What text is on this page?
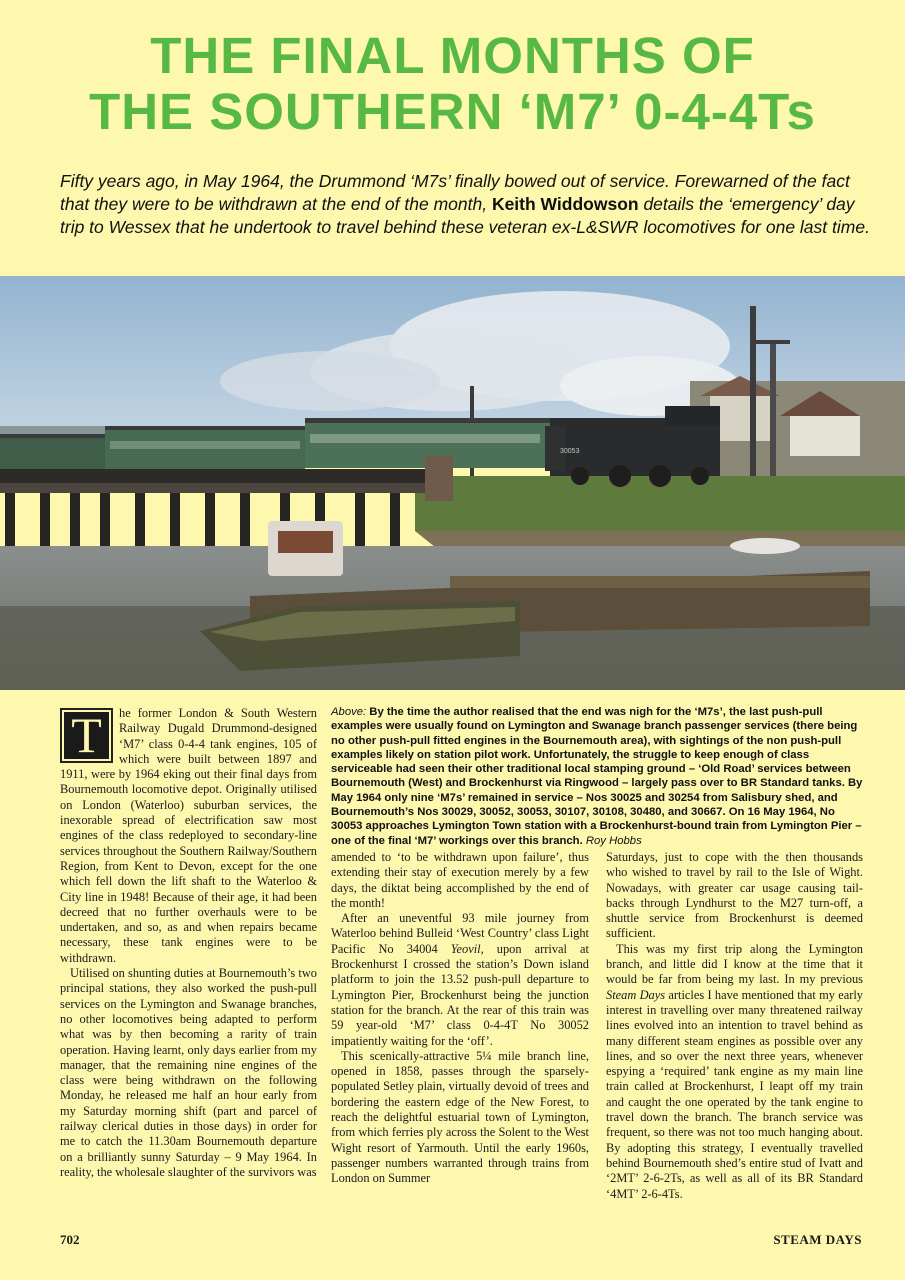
THE FINAL MONTHS OF
THE SOUTHERN ‘M7’ 0-4-4Ts

Fifty years ago, in May 1964, the Drummond ‘M7s’ finally bowed out of service. Forewarned of the fact that they were to be withdrawn at the end of the month, Keith Widdowson details the ‘emergency’ day trip to Wessex that he undertook to travel behind these veteran ex-L&SWR locomotives for one last time.

30053
T	he former London & South Western Railway Dugald Drummond-designed ‘M7’ class 0-4-4 tank engines, 105 of which were built between 1897 and 1911, were by 1964 eking out their final days from Bournemouth locomotive depot. Originally utilised on London (Waterloo) suburban services, the inexorable spread of electrification saw most engines of the class redeployed to secondary-line services throughout the Southern Railway/Southern Region, from Kent to Devon, except for the one which fell down the lift shaft to the Waterloo & City line in 1948! Because of their age, it had been decreed that no further overhauls were to be undertaken, and so, as and when repairs became necessary, these tank engines were to be withdrawn.

Utilised on shunting duties at Bournemouth’s two principal stations, they also worked the push-pull services on the Lymington and Swanage branches, no other locomotives being adapted to perform what was by then becoming a rarity of train operation. Having learnt, only days earlier from my manager, that the remaining nine engines of the class were being withdrawn on the following Monday, he released me half an hour early from my Saturday morning shift (part and parcel of railway clerical duties in those days) in order for me to catch the 11.30am Bournemouth departure on a brilliantly sunny Saturday – 9 May 1964. In reality, the wholesale slaughter of the survivors was

Above: By the time the author realised that the end was nigh for the ‘M7s’, the last push-pull examples were usually found on Lymington and Swanage branch passenger services (there being no other push-pull fitted engines in the Bournemouth area), with sightings of the non push-pull examples likely on station pilot work. Unfortunately, the struggle to keep enough of class serviceable had seen their other traditional local stamping ground – ‘Old Road’ services between Bournemouth (West) and Brockenhurst via Ringwood – largely pass over to BR Standard tanks. By May 1964 only nine ‘M7s’ remained in service – Nos 30025 and 30254 from Salisbury shed, and Bournemouth’s Nos 30029, 30052, 30053, 30107, 30108, 30480, and 30667. On 16 May 1964, No 30053 approaches Lymington Town station with a Brockenhurst-bound train from Lymington Pier – one of the final ‘M7’ workings over this branch. Roy Hobbs

amended to ‘to be withdrawn upon failure’, thus extending their stay of execution merely by a few days, the diktat being accomplished by the end of the month!

After an uneventful 93 mile journey from Waterloo behind Bulleid ‘West Country’ class Light Pacific No 34004 Yeovil, upon arrival at Brockenhurst I crossed the station’s Down island platform to join the 13.52 push-pull departure to Lymington Pier, Brockenhurst being the junction station for the branch. At the rear of this train was 59 year-old ‘M7’ class 0-4-4T No 30052 impatiently waiting for the ‘off’.

This scenically-attractive 5¼ mile branch line, opened in 1858, passes through the sparsely-populated Setley plain, virtually devoid of trees and bordering the eastern edge of the New Forest, to reach the delightful estuarial town of Lymington, from which ferries ply across the Solent to the West Wight resort of Yarmouth. Until the early 1960s, passenger numbers warranted through trains from London on Summer

Saturdays, just to cope with the then thousands who wished to travel by rail to the Isle of Wight. Nowadays, with greater car usage causing tail-backs through Lyndhurst to the M27 turn-off, a shuttle service from Brockenhurst is deemed sufficient.

This was my first trip along the Lymington branch, and little did I know at the time that it would be far from being my last. In my previous Steam Days articles I have mentioned that my early interest in travelling over many threatened railway lines evolved into an intention to travel behind as many different steam engines as possible over any lines, and so over the next three years, whenever espying a ‘required’ tank engine as my main line train called at Brockenhurst, I leapt off my train and caught the one operated by the tank engine to travel down the branch. The branch service was frequent, so there was not too much hanging about. By adopting this strategy, I eventually travelled behind Bournemouth shed’s entire stud of Ivatt and ‘2MT’ 2-6-2Ts, as well as all of its BR Standard ‘4MT’ 2-6-4Ts.

702	STEAM DAYS
